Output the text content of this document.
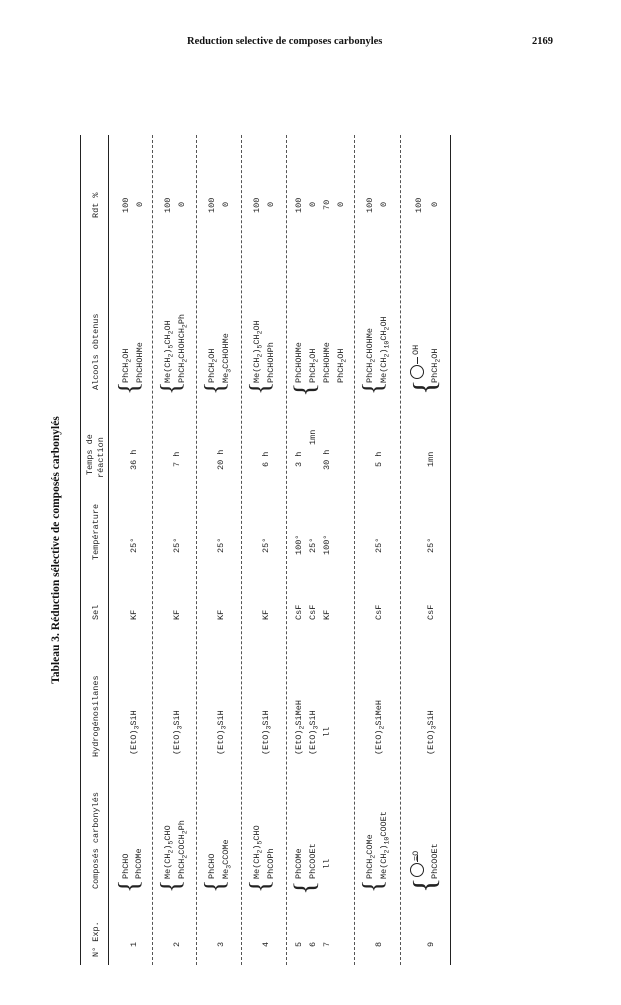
Reduction selective de composes carbonyles	2169
Tableau 3. Réduction sélective de composés carbonylés
N° Exp.
Composés carbonylés
Hydrogénosilanes
Sel
Température
Temps de réaction
Alcools obtenus
Rdt %
1
{
PhCHO PhCOMe
$(EtO)_3SiH$
KF
25°
36 h
{
PhCH$_2$OH PhCHOHMe
100 0
2
{
$Me(CH_2)_5CHO$
$PhCH_2COCH_2Ph$
$(EtO)_3SiH$
KF
25°
7 h
{
$Me(CH_2)_5CH_2OH$
$PhCH_2CHOHCH_2Ph$
100 0
3
{
PhCHO $Me_3CCOMe$
$(EtO)_3SiH$
KF
25°
20 h
{
PhCH$_2$OH
$Me_3CCHOHMe$
100 0
4
{
$Me(CH_2)_5CHO$
PhCOPh
$(EtO)_3SiH$
KF
25°
6 h
{
$Me(CH_2)_5CH_2OH$
PhCHOHPh
100 0
5 6 7
{
PhCOMe PhCOOEt ll
$(EtO)_2SiMeH$
$(EtO)_3SiH$
ll
CsF CsF KF
100° 25° 100°
3 h
1mn
30 h
{
PhCHOHMe PhCH$_2$OH PhCHOHMe PhCH$_2$OH
100 0 70 0
8
{
PhCH$_2$COMe
$Me(CH_2)_{10}COOEt$
$(EtO)_2SiMeH$
CsF
25°
5 h
{
PhCH$_2$CHOHMe
$Me(CH_2)_{10}CH_2OH$
100 0
9
{
=O PhCOOEt
$(EtO)_3SiH$
CsF
25°
1mn
{
OH
PhCH$_2$OH
100 0
